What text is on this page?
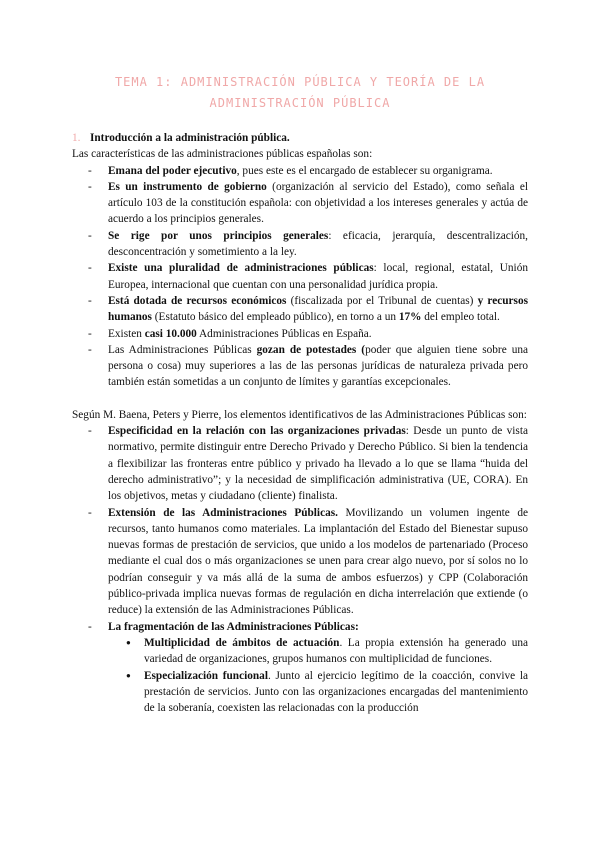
TEMA 1: ADMINISTRACIÓN PÚBLICA Y TEORÍA DE LA
ADMINISTRACIÓN PÚBLICA
1. Introducción a la administración pública.

Las características de las administraciones públicas españolas son:

- Emana del poder ejecutivo, pues este es el encargado de establecer su organigrama.
- Es un instrumento de gobierno (organización al servicio del Estado), como señala el artículo 103 de la constitución española: con objetividad a los intereses generales y actúa de acuerdo a los principios generales.
- Se rige por unos principios generales: eficacia, jerarquía, descentralización, desconcentración y sometimiento a la ley.
- Existe una pluralidad de administraciones públicas: local, regional, estatal, Unión Europea, internacional que cuentan con una personalidad jurídica propia.
- Está dotada de recursos económicos (fiscalizada por el Tribunal de cuentas) y recursos humanos (Estatuto básico del empleado público), en torno a un 17% del empleo total.
- Existen casi 10.000 Administraciones Públicas en España.
- Las Administraciones Públicas gozan de potestades (poder que alguien tiene sobre una persona o cosa) muy superiores a las de las personas jurídicas de naturaleza privada pero también están sometidas a un conjunto de límites y garantías excepcionales.

Según M. Baena, Peters y Pierre, los elementos identificativos de las Administraciones Públicas son:

- Especificidad en la relación con las organizaciones privadas: Desde un punto de vista normativo, permite distinguir entre Derecho Privado y Derecho Público. Si bien la tendencia a flexibilizar las fronteras entre público y privado ha llevado a lo que se llama “huida del derecho administrativo”; y la necesidad de simplificación administrativa (UE, CORA). En los objetivos, metas y ciudadano (cliente) finalista.
- Extensión de las Administraciones Públicas. Movilizando un volumen ingente de recursos, tanto humanos como materiales. La implantación del Estado del Bienestar supuso nuevas formas de prestación de servicios, que unido a los modelos de partenariado (Proceso mediante el cual dos o más organizaciones se unen para crear algo nuevo, por sí solos no lo podrían conseguir y va más allá de la suma de ambos esfuerzos) y CPP (Colaboración público-privada implica nuevas formas de regulación en dicha interrelación que extiende (o reduce) la extensión de las Administraciones Públicas.
- La fragmentación de las Administraciones Públicas:
● Multiplicidad de ámbitos de actuación. La propia extensión ha generado una variedad de organizaciones, grupos humanos con multiplicidad de funciones.
● Especialización funcional. Junto al ejercicio legítimo de la coacción, convive la prestación de servicios. Junto con las organizaciones encargadas del mantenimiento de la soberanía, coexisten las relacionadas con la producción
